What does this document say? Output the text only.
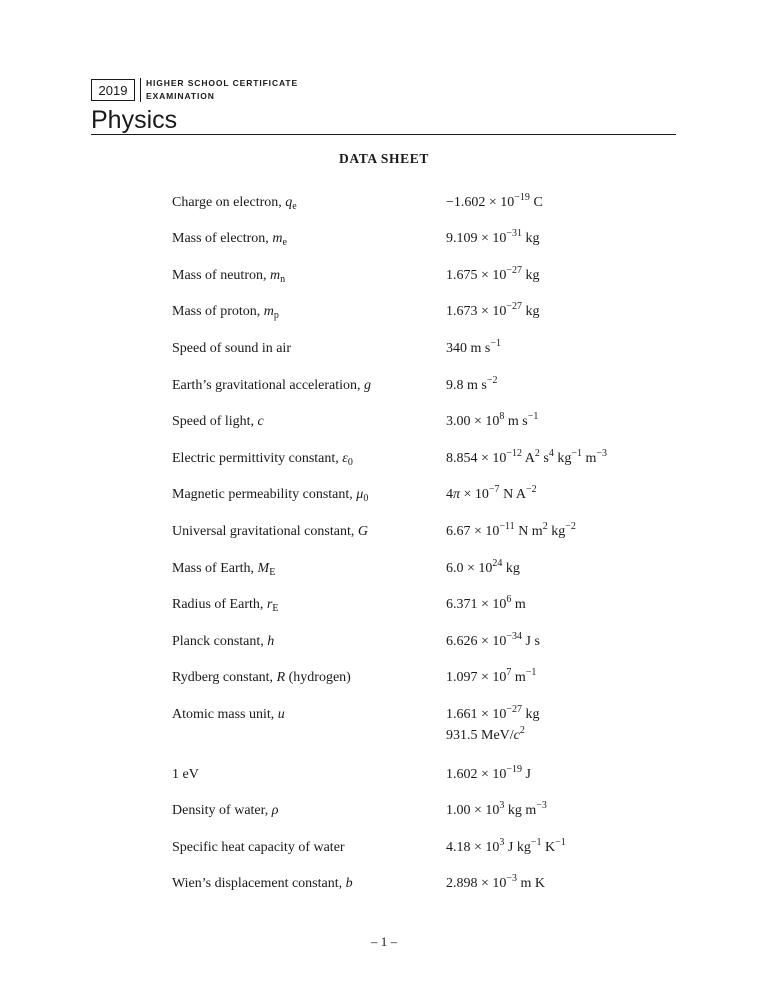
2019	HIGHER SCHOOL CERTIFICATE
EXAMINATION
Physics
DATA SHEET
Charge on electron, $q_e$	$-1.602 \times 10^{-19}$ C
Mass of electron, $m_e$	$9.109 \times 10^{-31}$ kg
Mass of neutron, $m_n$	$1.675 \times 10^{-27}$ kg
Mass of proton, $m_p$	$1.673 \times 10^{-27}$ kg
Speed of sound in air	340 m $s^{-1}$
Earth’s gravitational acceleration, g	9.8 m $s^{-2}$
Speed of light, c	$3.00 \times 10^8$ m $s^{-1}$
Electric permittivity constant, $\varepsilon_0$	$8.854 \times 10^{-12}$ $A^2$ $s^4$ $kg^{-1}$ $m^{-3}$
Magnetic permeability constant, $\mu_0$	$4\pi \times 10^{-7}$ N $A^{-2}$
Universal gravitational constant, G	$6.67 \times 10^{-11}$ N $m^2$ $kg^{-2}$
Mass of Earth, $M_E$	$6.0 \times 10^{24}$ kg
Radius of Earth, $r_E$	$6.371 \times 10^6$ m
Planck constant, h	$6.626 \times 10^{-34}$ J s
Rydberg constant, R (hydrogen)	$1.097 \times 10^7$ $m^{-1}$
Atomic mass unit, u	$1.661 \times 10^{-27}$ kg
931.5 MeV/$c^2$
1 eV	$1.602 \times 10^{-19}$ J
Density of water, ρ	$1.00 \times 10^3$ kg $m^{-3}$
Specific heat capacity of water	$4.18 \times 10^3$ J $kg^{-1}$ $K^{-1}$
Wien’s displacement constant, b	$2.898 \times 10^{-3}$ m K
– 1 –
